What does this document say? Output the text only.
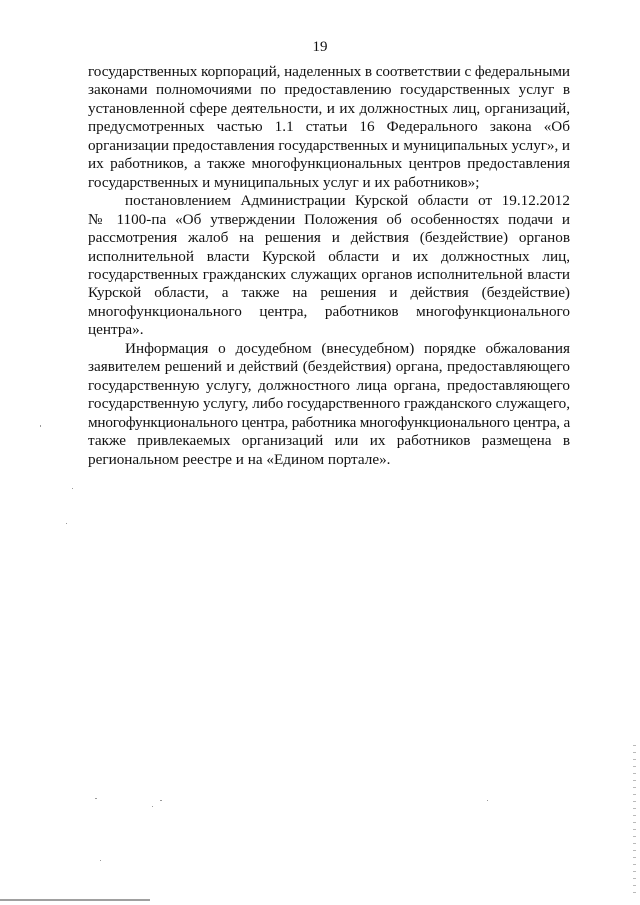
19
государственных корпораций, наделенных в соответствии с федеральными
законами полномочиями по предоставлению государственных услуг в
установленной сфере деятельности, и их должностных лиц, организаций,
предусмотренных частью 1.1 статьи 16 Федерального закона «Об
организации предоставления государственных и муниципальных услуг», и
их работников, а также многофункциональных центров предоставления
государственных и муниципальных услуг и их работников»;
постановлением Администрации Курской области от 19.12.2012
№ 1100-па «Об утверждении Положения об особенностях подачи и
рассмотрения жалоб на решения и действия (бездействие) органов
исполнительной власти Курской области и их должностных лиц,
государственных гражданских служащих органов исполнительной власти
Курской области, а также на решения и действия (бездействие)
многофункционального центра, работников многофункционального
центра».
Информация о досудебном (внесудебном) порядке обжалования
заявителем решений и действий (бездействия) органа, предоставляющего
государственную услугу, должностного лица органа, предоставляющего
государственную услугу, либо государственного гражданского служащего,
многофункционального центра, работника многофункционального центра, а
также привлекаемых организаций или их работников размещена в
региональном реестре и на «Едином портале».
